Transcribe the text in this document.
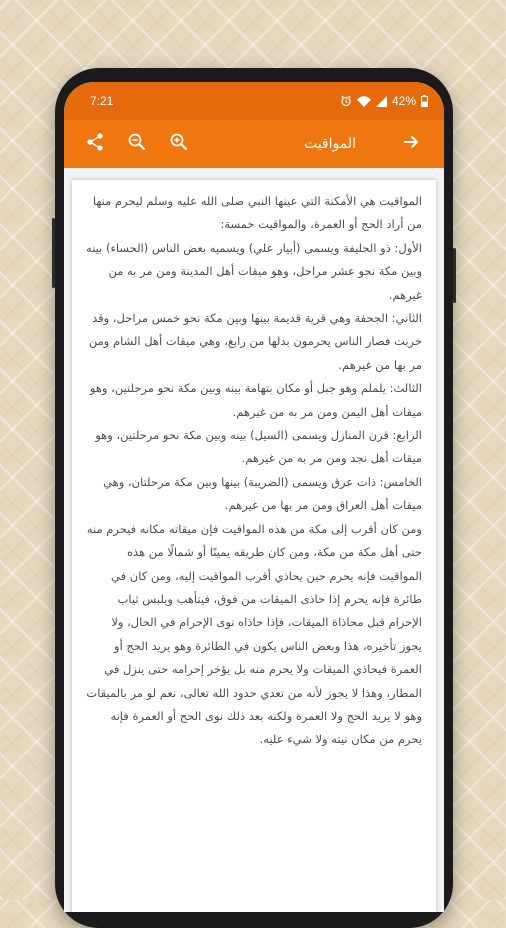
7:21	42%
المواقيت

المواقيت هي الأمكنة التي عينها النبي صلى الله عليه وسلم ليحرم منها من أراد الحج أو العمرة، والمواقيت خمسة:
الأول: ذو الحليفة ويسمى (أبيار علي) ويسميه بعض الناس (الحساء) بينه وبين مكة نحو عشر مراحل، وهو ميقات أهل المدينة ومن مر به من غيرهم.
الثاني: الجحفة وهي قرية قديمة بينها وبين مكة نحو خمس مراحل، وقد خربت فصار الناس يحرمون بدلها من رابغ، وهي ميقات أهل الشام ومن مر بها من غيرهم.
الثالث: يلملم وهو جبل أو مكان بتهامة بينه وبين مكة نحو مرحلتين، وهو ميقات أهل اليمن ومن مر به من غيرهم.
الرابع: قرن المنازل ويسمى (السيل) بينه وبين مكة نحو مرحلتين، وهو ميقات أهل نجد ومن مر به من غيرهم.
الخامس: ذات عرق ويسمى (الضريبة) بينها وبين مكة مرحلتان، وهي ميقات أهل العراق ومن مر بها من غيرهم.
ومن كان أقرب إلى مكة من هذه المواقيت فإن ميقاته مكانه فيحرم منه حتى أهل مكة من مكة، ومن كان طريقه يمينًا أو شمالًا من هذه المواقيت فإنه يحرم حين يحاذي أقرب المواقيت إليه، ومن كان في طائرة فإنه يحرم إذا حاذى الميقات من فوق، فيتأهب ويلبس ثياب الإحرام قبل محاذاة الميقات، فإذا حاذاه نوى الإحرام في الحال، ولا يجوز تأخيره، هذا وبعض الناس يكون في الطائرة وهو يريد الحج أو العمرة فيحاذي الميقات ولا يحرم منه بل يؤخر إحرامه حتى ينزل في المطار، وهذا لا يجوز لأنه من تعدي حدود الله تعالى، نعم لو مر بالميقات وهو لا يريد الحج ولا العمرة ولكنه بعد ذلك نوى الحج أو العمرة فإنه يحرم من مكان نيته ولا شيء عليه.
